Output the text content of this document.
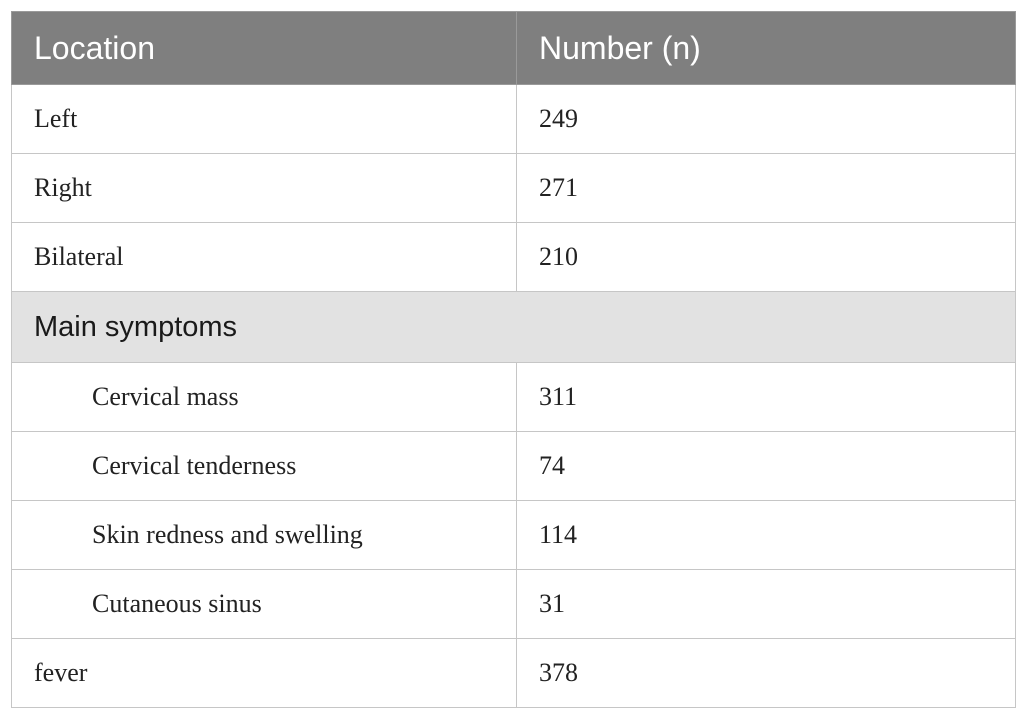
Location	Number (n)
Left	249
Right	271
Bilateral	210
Main symptoms	
Cervical mass	311
Cervical tenderness	74
Skin redness and swelling	114
Cutaneous sinus	31
fever	378
